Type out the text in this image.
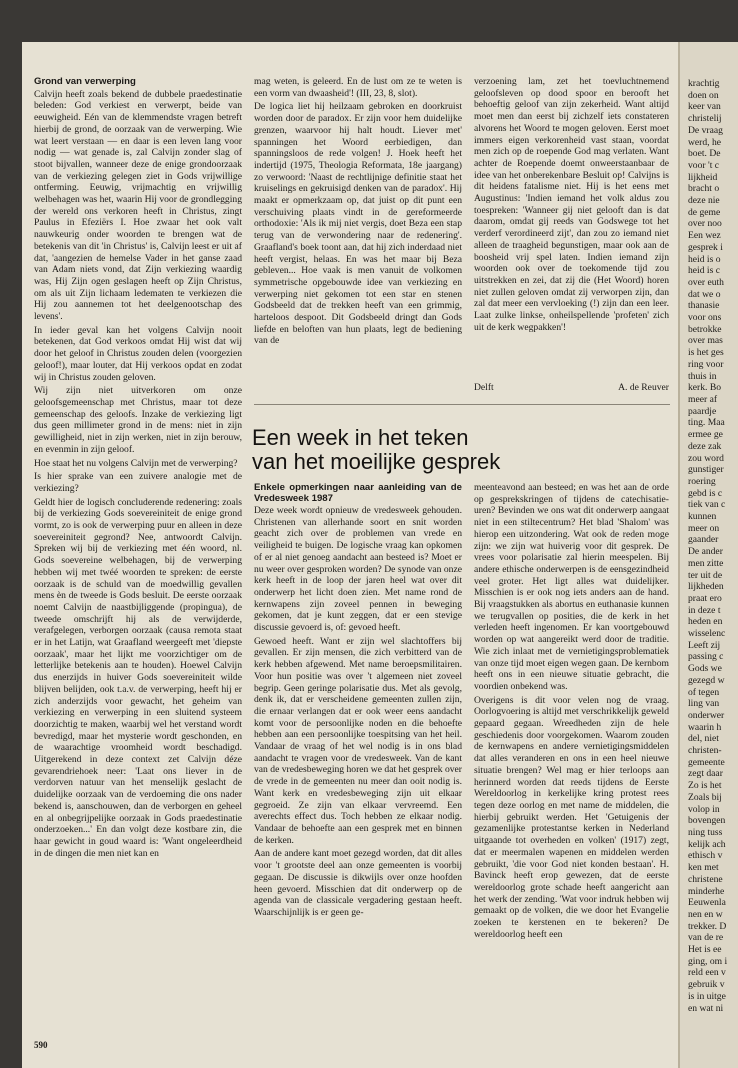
Grond van verwerping

Calvijn heeft zoals bekend de dubbele praedestinatie beleden: God verkiest en verwerpt, beide van eeuwigheid. Eén van de klemmendste vragen betreft hierbij de grond, de oorzaak van de verwerping. Wie wat leert verstaan — en daar is een leven lang voor nodig — wat genade is, zal Calvijn zonder slag of stoot bijvallen, wanneer deze de enige grondoorzaak van de verkiezing gelegen ziet in Gods vrijwillige ontferming. Eeuwig, vrijmachtig en vrijwillig welbehagen was het, waarin Hij voor de grondlegging der wereld ons verkoren heeft in Christus, zingt Paulus in Efeziërs I. Hoe zwaar het ook valt nauwkeurig onder woorden te brengen wat de betekenis van dit 'in Christus' is, Calvijn leest er uit af dat, 'aangezien de hemelse Vader in het ganse zaad van Adam niets vond, dat Zijn verkiezing waardig was, Hij Zijn ogen geslagen heeft op Zijn Christus, om als uit Zijn lichaam ledematen te verkiezen die Hij zou aannemen tot het deelgenootschap des levens'.

In ieder geval kan het volgens Calvijn nooit betekenen, dat God verkoos omdat Hij wist dat wij door het geloof in Christus zouden delen (voorgezien geloof!), maar louter, dat Hij verkoos opdat en zodat wij in Christus zouden geloven.

Wij zijn niet uitverkoren om onze geloofsgemeenschap met Christus, maar tot deze gemeenschap des geloofs. Inzake de verkiezing ligt dus geen millimeter grond in de mens: niet in zijn gewilligheid, niet in zijn werken, niet in zijn berouw, en evenmin in zijn geloof.

Hoe staat het nu volgens Calvijn met de verwerping?

Is hier sprake van een zuivere analogie met de verkiezing?

Geldt hier de logisch concluderende redenering: zoals bij de verkiezing Gods soevereiniteit de enige grond vormt, zo is ook de verwerping puur en alleen in deze soevereiniteit gegrond? Nee, antwoordt Calvijn. Spreken wij bij de verkiezing met één woord, nl. Gods soevereine welbehagen, bij de verwerping hebben wij met twéé woorden te spreken: de eerste oorzaak is de schuld van de moedwillig gevallen mens èn de tweede is Gods besluit. De eerste oorzaak noemt Calvijn de naastbijliggende (propingua), de tweede omschrijft hij als de verwijderde, verafgelegen, verborgen oorzaak (causa remota staat er in het Latijn, wat Graafland weergeeft met 'diepste oorzaak', maar het lijkt me voorzichtiger om de letterlijke betekenis aan te houden). Hoewel Calvijn dus enerzijds in huiver Gods soevereiniteit wilde blijven belijden, ook t.a.v. de verwerping, heeft hij er zich anderzijds voor gewacht, het geheim van verkiezing en verwerping in een sluitend systeem doorzichtig te maken, waarbij wel het verstand wordt bevredigd, maar het mysterie wordt geschonden, en de waarachtige vroomheid wordt beschadigd. Uitgerekend in deze context zet Calvijn déze gevarendriehoek neer: 'Laat ons liever in de verdorven natuur van het menselijk geslacht de duidelijke oorzaak van de verdoeming die ons nader bekend is, aanschouwen, dan de verborgen en geheel en al onbegrijpelijke oorzaak in Gods praedestinatie onderzoeken...' En dan volgt deze kostbare zin, die haar gewicht in goud waard is: 'Want ongeleerdheid in de dingen die men niet kan en

mag weten, is geleerd. En de lust om ze te weten is een vorm van dwaasheid'! (III, 23, 8, slot).

De logica liet hij heilzaam gebroken en doorkruist worden door de paradox. Er zijn voor hem duidelijke grenzen, waarvoor hij halt houdt. Liever met' spanningen het Woord eerbiedigen, dan spanningsloos de rede volgen! J. Hoek heeft het indertijd (1975, Theologia Reformata, 18e jaargang) zo verwoord: 'Naast de rechtlijnige definitie staat het kruiselings en gekruisigd denken van de paradox'. Hij maakt er opmerkzaam op, dat juist op dit punt een verschuiving plaats vindt in de gereformeerde orthodoxie: 'Als ik mij niet vergis, doet Beza een stap terug van de verwondering naar de redenering'. Graafland's boek toont aan, dat hij zich inderdaad niet heeft vergist, helaas. En was het maar bij Beza gebleven... Hoe vaak is men vanuit de volkomen symmetrische opgebouwde idee van verkiezing en verwerping niet gekomen tot een star en stenen Godsbeeld dat de trekken heeft van een grimmig, harteloos despoot. Dit Godsbeeld dringt dan Gods liefde en beloften van hun plaats, legt de bediening van de

verzoening lam, zet het toevluchtnemend geloofsleven op dood spoor en berooft het behoeftig geloof van zijn zekerheid. Want altijd moet men dan eerst bij zichzelf iets constateren alvorens het Woord te mogen geloven. Eerst moet immers eigen verkorenheid vast staan, voordat men zich op de roepende God mag verlaten. Want achter de Roepende doemt onweerstaanbaar de idee van het onberekenbare Besluit op! Calvijns is dit heidens fatalisme niet. Hij is het eens met Augustinus: 'Indien iemand het volk aldus zou toespreken: 'Wanneer gij niet gelooft dan is dat daarom, omdat gij reeds van Godswege tot het verderf verordineerd zijt', dan zou zo iemand niet alleen de traagheid begunstigen, maar ook aan de boosheid vrij spel laten. Indien iemand zijn woorden ook over de toekomende tijd zou uitstrekken en zei, dat zij die (Het Woord) horen niet zullen geloven omdat zij verworpen zijn, dan zal dat meer een vervloeking (!) zijn dan een leer. Laat zulke linkse, onheilspellende 'profeten' zich uit de kerk wegpakken'!

Delft	A. de Reuver
Een week in het teken
van het moeilijke gesprek
Enkele opmerkingen naar aanleiding van de Vredesweek 1987

Deze week wordt opnieuw de vredesweek gehouden. Christenen van allerhande soort en snit worden geacht zich over de problemen van vrede en veiligheid te buigen. De logische vraag kan opkomen of er al niet genoeg aandacht aan besteed is? Moet er nu weer over gesproken worden? De synode van onze kerk heeft in de loop der jaren heel wat over dit onderwerp het licht doen zien. Met name rond de kernwapens zijn zoveel pennen in beweging gekomen, dat je kunt zeggen, dat er een stevige discussie gevoerd is, of: gevoed heeft.

Gewoed heeft. Want er zijn wel slachtoffers bij gevallen. Er zijn mensen, die zich verbitterd van de kerk hebben afgewend. Met name beroepsmilitairen. Voor hun positie was over 't algemeen niet zoveel begrip. Geen geringe polarisatie dus. Met als gevolg, denk ik, dat er verscheidene gemeenten zullen zijn, die ernaar verlangen dat er ook weer eens aandacht komt voor de persoonlijke noden en die behoefte hebben aan een persoonlijke toespitsing van het heil. Vandaar de vraag of het wel nodig is in ons blad aandacht te vragen voor de vredesweek. Van de kant van de vredesbeweging horen we dat het gesprek over de vrede in de gemeenten nu meer dan ooit nodig is. Want kerk en vredesbeweging zijn uit elkaar gegroeid. Ze zijn van elkaar vervreemd. Een averechts effect dus. Toch hebben ze elkaar nodig. Vandaar de behoefte aan een gesprek met en binnen de kerken.

Aan de andere kant moet gezegd worden, dat dit alles voor 't grootste deel aan onze gemeenten is voorbij gegaan. De discussie is dikwijls over onze hoofden heen gevoerd. Misschien dat dit onderwerp op de agenda van de classicale vergadering gestaan heeft. Waarschijnlijk is er geen ge-

meenteavond aan besteed; en was het aan de orde op gesprekskringen of tijdens de catechisatie-uren? Bevinden we ons wat dit onderwerp aangaat niet in een stiltecentrum? Het blad 'Shalom' was hierop een uitzondering. Wat ook de reden moge zijn: we zijn wat huiverig voor dit gesprek. De vrees voor polarisatie zal hierin meespelen. Bij andere ethische onderwerpen is de eensgezindheid veel groter. Het ligt alles wat duidelijker. Misschien is er ook nog iets anders aan de hand. Bij vraagstukken als abortus en euthanasie kunnen we terugvallen op posities, die de kerk in het verleden heeft ingenomen. Er kan voortgebouwd worden op wat aangereikt werd door de traditie. Wie zich inlaat met de vernietigingsproblematiek van onze tijd moet eigen wegen gaan. De kernbom heeft ons in een nieuwe situatie gebracht, die voordien onbekend was.

Overigens is dit voor velen nog de vraag. Oorlogvoering is altijd met verschrikkelijk geweld gepaard gegaan. Wreedheden zijn de hele geschiedenis door voorgekomen. Waarom zouden de kernwapens en andere vernietigingsmiddelen dat alles veranderen en ons in een heel nieuwe situatie brengen? Wel mag er hier terloops aan herinnerd worden dat reeds tijdens de Eerste Wereldoorlog in kerkelijke kring protest rees tegen deze oorlog en met name de middelen, die hierbij gebruikt werden. Het 'Getuigenis der gezamenlijke protestantse kerken in Nederland uitgaande tot overheden en volken' (1917) zegt, dat er meermalen wapenen en middelen werden gebruikt, 'die voor God niet konden bestaan'. H. Bavinck heeft erop gewezen, dat de eerste wereldoorlog grote schade heeft aangericht aan het werk der zending. 'Wat voor indruk hebben wij gemaakt op de volken, die we door het Evangelie zoeken te kerstenen en te bekeren? De wereldoorlog heeft een

590
krachtig
doen on
keer van
christelij
De vraag
werd, he
boet. De
voor 't c
lijkheid
bracht o
deze nie
de geme
over noo
Een wez
gesprek i
heid is o
heid is c
over euth
dat we o
thanasie
voor ons
betrokke
over mas
is het ges
ring voor
thuis in
kerk. Bo
meer af
paardje
ting. Maa
ermee ge
deze zak
zou word
gunstiger
roering
gebd is c
tiek van c
kunnen
meer on
gaander
De ander
men zitte
ter uit de
lijkheden
praat ero
in deze t
heden en
wisselenc
Leeft zij
passing c
Gods we
gezegd w
of tegen
ling van
onderwer
waarin h
del, niet
christen-
gemeente
zegt daar
Zo is het
Zoals bij
volop in
bovengen
ning tuss
kelijk ach
ethisch v
ken met
christene
minderhe
Eeuwenla
nen en w
trekker. D
van de re
Het is ee
ging, om i
reld een v
gebruik v
is in uitge
en wat ni
